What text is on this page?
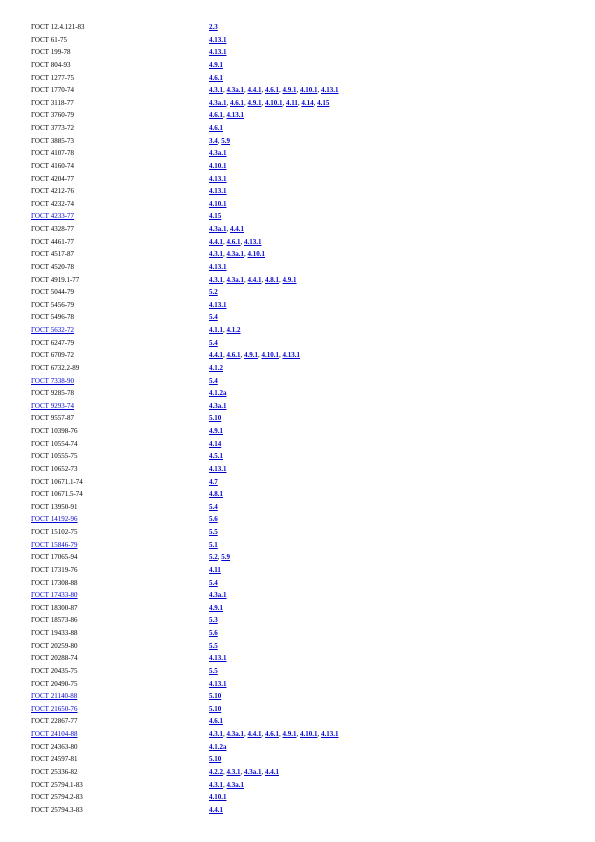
ГОСТ 12.4.121-83	2.3
ГОСТ 61-75	4.13.1
ГОСТ 199-78	4.13.1
ГОСТ 804-93	4.9.1
ГОСТ 1277-75	4.6.1
ГОСТ 1770-74	4.3.1, 4.3а.1, 4.4.1, 4.6.1, 4.9.1, 4.10.1, 4.13.1
ГОСТ 3118-77	4.3а.1, 4.6.1, 4.9.1, 4.10.1, 4.11, 4.14, 4.15
ГОСТ 3760-79	4.6.1, 4.13.1
ГОСТ 3773-72	4.6.1
ГОСТ 3885-73	3.4, 5.9
ГОСТ 4107-78	4.3а.1
ГОСТ 4160-74	4.10.1
ГОСТ 4204-77	4.13.1
ГОСТ 4212-76	4.13.1
ГОСТ 4232-74	4.10.1
ГОСТ 4233-77	4.15
ГОСТ 4328-77	4.3а.1, 4.4.1
ГОСТ 4461-77	4.4.1, 4.6.1, 4.13.1
ГОСТ 4517-87	4.3.1, 4.3а.1, 4.10.1
ГОСТ 4520-78	4.13.1
ГОСТ 4919.1-77	4.3.1, 4.3а.1, 4.4.1, 4.8.1, 4.9.1
ГОСТ 5044-79	5.2
ГОСТ 5456-79	4.13.1
ГОСТ 5496-78	5.4
ГОСТ 5632-72	4.1.1, 4.1.2
ГОСТ 6247-79	5.4
ГОСТ 6709-72	4.4.1, 4.6.1, 4.9.1, 4.10.1, 4.13.1
ГОСТ 6732.2-89	4.1.2
ГОСТ 7338-90	5.4
ГОСТ 9285-78	4.1.2а
ГОСТ 9293-74	4.3а.1
ГОСТ 9557-87	5.10
ГОСТ 10398-76	4.9.1
ГОСТ 10554-74	4.14
ГОСТ 10555-75	4.5.1
ГОСТ 10652-73	4.13.1
ГОСТ 10671.1-74	4.7
ГОСТ 10671.5-74	4.8.1
ГОСТ 13950-91	5.4
ГОСТ 14192-96	5.6
ГОСТ 15102-75	5.5
ГОСТ 15846-79	5.1
ГОСТ 17065-94	5.2, 5.9
ГОСТ 17319-76	4.11
ГОСТ 17308-88	5.4
ГОСТ 17433-80	4.3а.1
ГОСТ 18300-87	4.9.1
ГОСТ 18573-86	5.3
ГОСТ 19433-88	5.6
ГОСТ 20259-80	5.5
ГОСТ 20288-74	4.13.1
ГОСТ 20435-75	5.5
ГОСТ 20490-75	4.13.1
ГОСТ 21140-88	5.10
ГОСТ 21650-76	5.10
ГОСТ 22867-77	4.6.1
ГОСТ 24104-88	4.3.1, 4.3а.1, 4.4.1, 4.6.1, 4.9.1, 4.10.1, 4.13.1
ГОСТ 24363-80	4.1.2а
ГОСТ 24597-81	5.10
ГОСТ 25336-82	4.2.2, 4.3.1, 4.3а.1, 4.4.1
ГОСТ 25794.1-83	4.3.1, 4.3а.1
ГОСТ 25794.2-83	4.10.1
ГОСТ 25794.3-83	4.4.1
